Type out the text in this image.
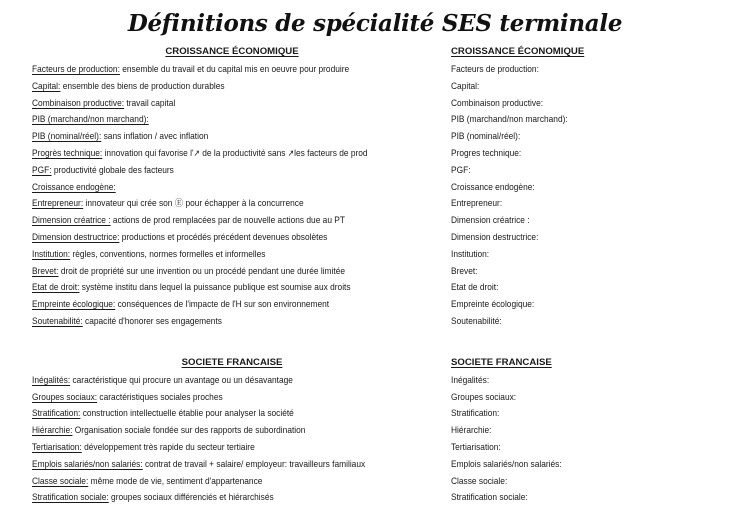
Définitions de spécialité SES terminale
CROISSANCE ÉCONOMIQUE
Facteurs de production: ensemble du travail et du capital mis en oeuvre pour produire
Capital: ensemble des biens de production durables
Combinaison productive: travail capital
PIB (marchand/non marchand):
PIB (nominal/réel): sans inflation / avec inflation
Progrès technique: innovation qui favorise l'↗ de la productivité sans ↗les facteurs de prod
PGF: productivité globale des facteurs
Croissance endogène:
Entrepreneur: innovateur qui crée son Ⓔ pour échapper à la concurrence
Dimension créatrice : actions de prod remplacées par de nouvelle actions due au PT
Dimension destructrice: productions et procédés précédent devenues obsolètes
Institution: règles, conventions, normes formelles et informelles
Brevet: droit de propriété sur une invention ou un procédé pendant une durée limitée
Etat de droit: système institu dans lequel la puissance publique est soumise aux droits
Empreinte écologique: conséquences de l'impacte de l'H sur son environnement
Soutenabilité: capacité d'honorer ses engagements
SOCIETE FRANCAISE
Inégalités: caractéristique qui procure un avantage ou un désavantage
Groupes sociaux: caractéristiques sociales proches
Stratification: construction intellectuelle établie pour analyser la société
Hiérarchie: Organisation sociale fondée sur des rapports de subordination
Tertiarisation: développement très rapide du secteur tertiaire
Emplois salariés/non salariés: contrat de travail + salaire/ employeur: travailleurs familiaux
Classe sociale: même mode de vie, sentiment d'appartenance
Stratification sociale: groupes sociaux différenciés et hiérarchisés
CROISSANCE ÉCONOMIQUE
Facteurs de production:
Capital:
Combinaison productive:
PIB (marchand/non marchand):
PIB (nominal/réel):
Progres technique:
PGF:
Croissance endogène:
Entrepreneur:
Dimension créatrice :
Dimension destructrice:
Institution:
Brevet:
Etat de droit:
Empreinte écologique:
Soutenabilité:
SOCIETE FRANCAISE
Inégalités:
Groupes sociaux:
Stratification:
Hiérarchie:
Tertiarisation:
Emplois salariés/non salariés:
Classe sociale:
Stratification sociale:
